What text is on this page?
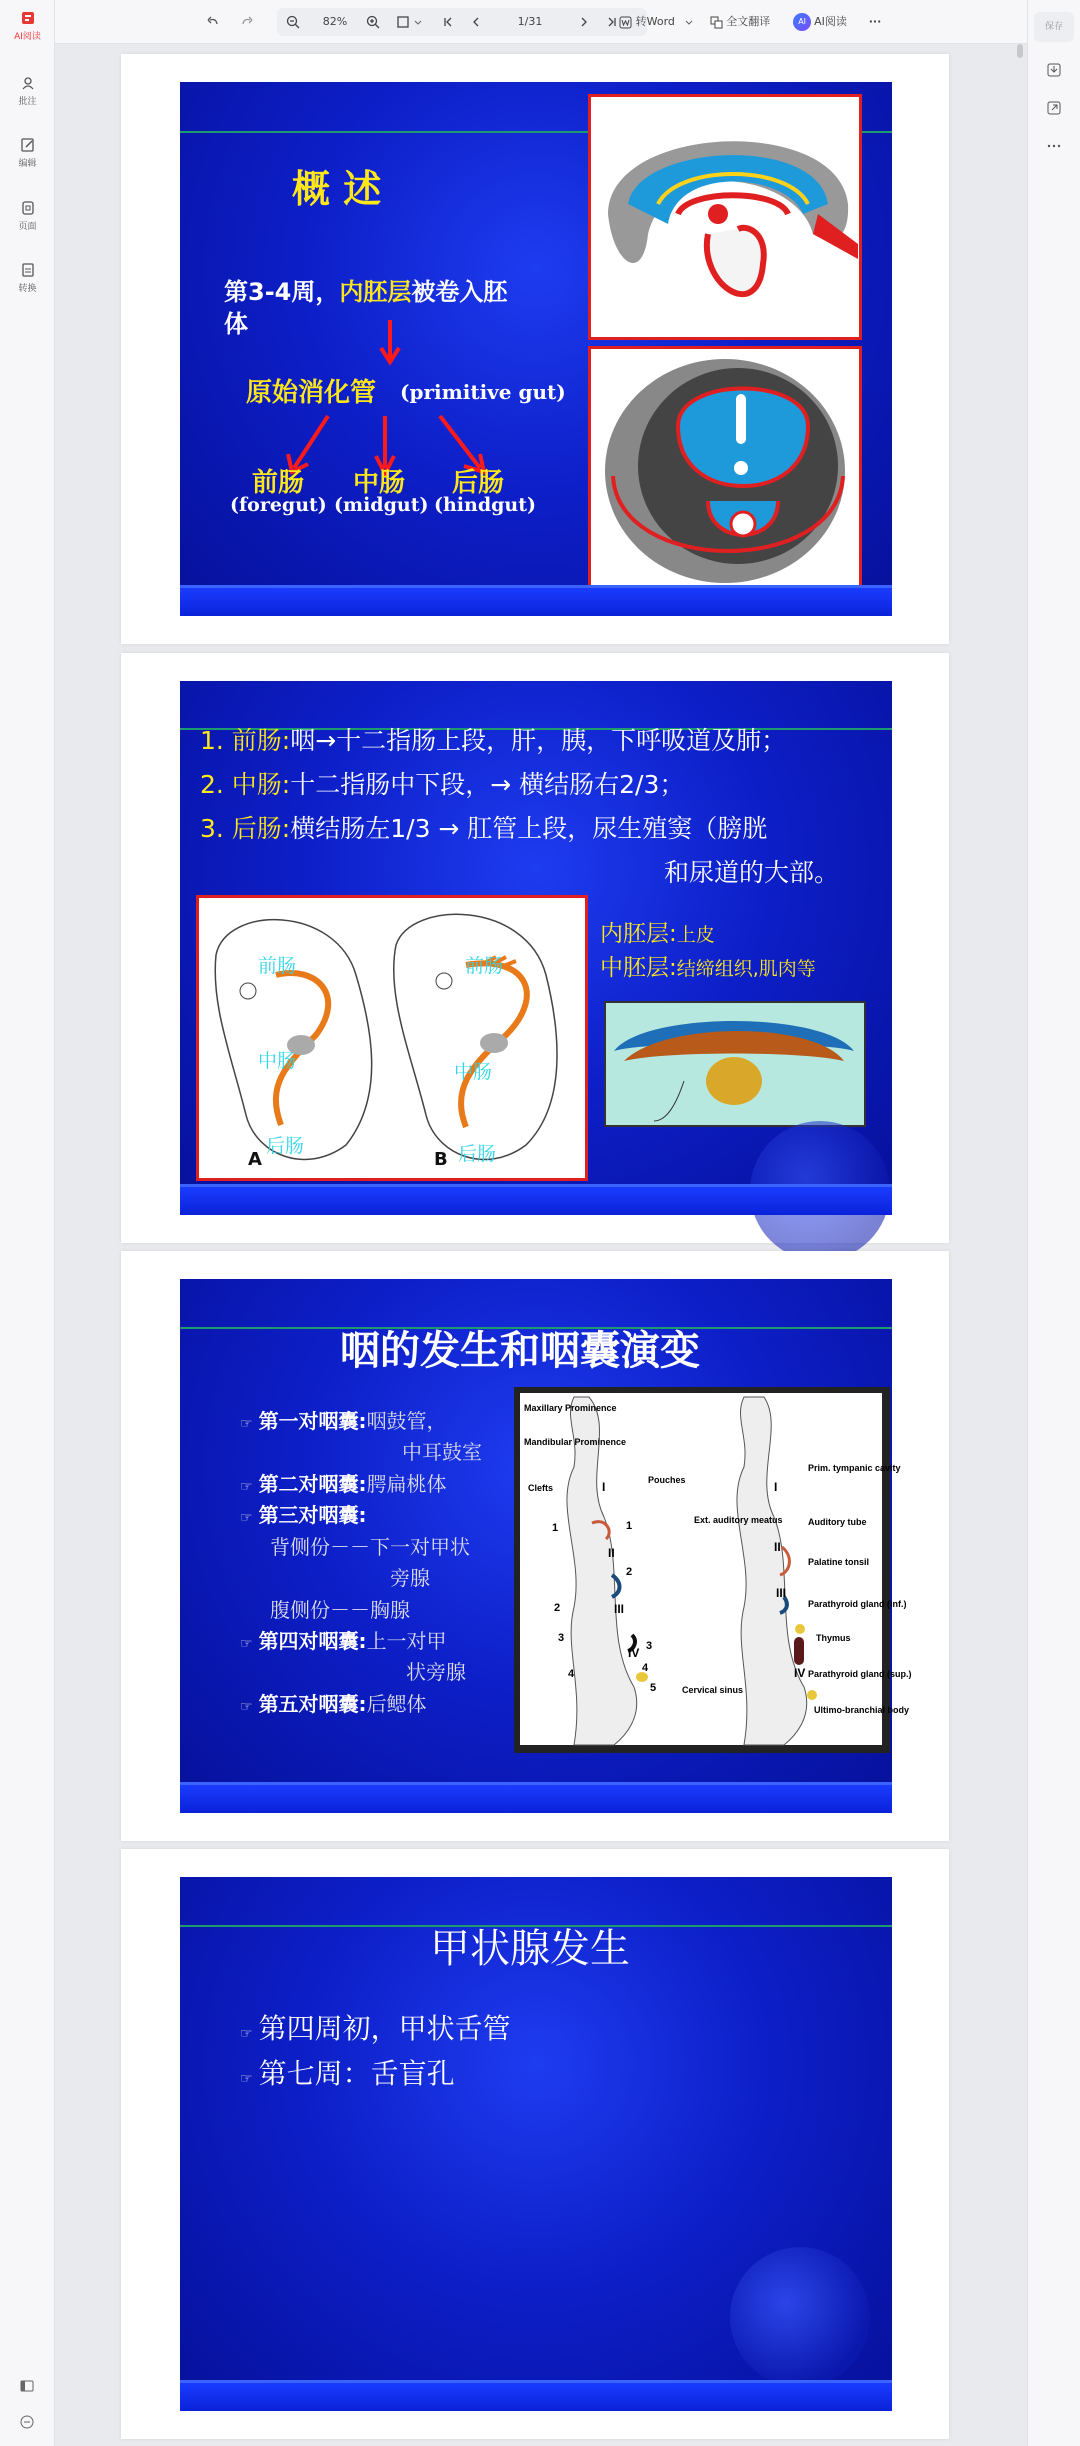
AI阅读
批注
编辑
页面
转换
82%
	1/31	转Word	全文翻译	AI AI阅读	···	保存
概 述
第3-4周，内胚层被卷入胚
体
原始消化管 (primitive gut)
前肠 中肠 后肠
(foregut) (midgut) (hindgut)
1. 前肠:咽→十二指肠上段，肝，胰，下呼吸道及肺；
2. 中肠:十二指肠中下段，→ 横结肠右2/3；
3. 后肠:横结肠左1/3 → 肛管上段，尿生殖窦（膀胱
和尿道的大部。
前肠
中肠
后肠
A
前肠
中肠
后肠
B
内胚层:上皮
中胚层:结缔组织,肌肉等
咽的发生和咽囊演变
☞ 第一对咽囊:咽鼓管，
中耳鼓室
☞ 第二对咽囊:腭扁桃体
☞ 第三对咽囊:
背侧份－－下一对甲状
旁腺
腹侧份－－胸腺
☞ 第四对咽囊:上一对甲
状旁腺
☞ 第五对咽囊:后鳃体
Maxillary Prominence
Mandibular Prominence
Clefts
Pouches
Ext. auditory meatus
Prim. tympanic cavity
Auditory tube
Palatine tonsil
Parathyroid gland (inf.)
Thymus
Parathyroid gland (sup.)
Ultimo-branchial body
Cervical sinus
I
II
III
IV
I
II
III
IV
1	1
2
2
3
3
4
4
5
甲状腺发生
☞ 第四周初，甲状舌管
☞ 第七周：舌盲孔
